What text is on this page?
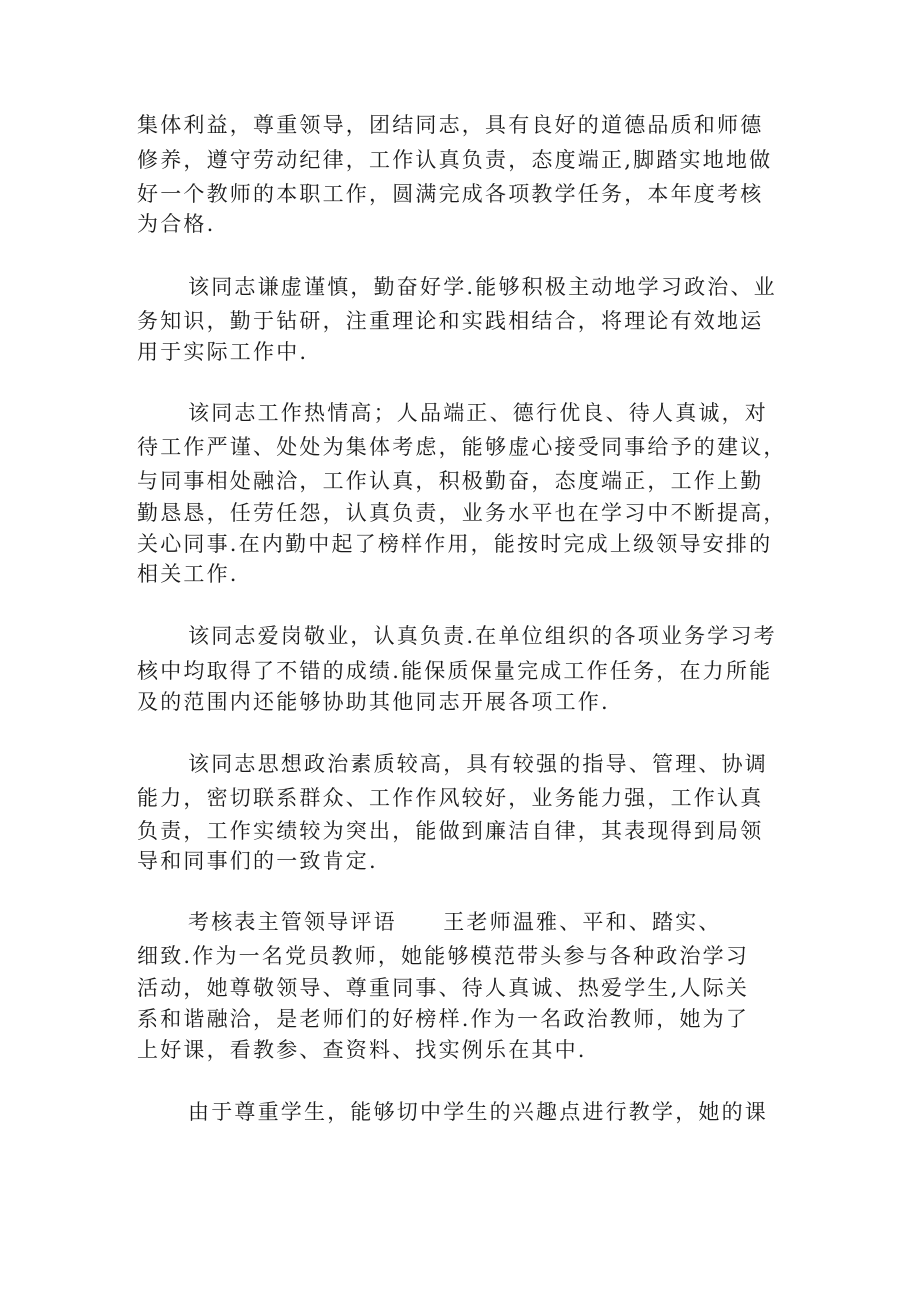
集体利益，尊重领导，团结同志，具有良好的道德品质和师德

修养，遵守劳动纪律，工作认真负责，态度端正,脚踏实地地做

好一个教师的本职工作，圆满完成各项教学任务，本年度考核

为合格.

该同志谦虚谨慎，勤奋好学.能够积极主动地学习政治、业

务知识，勤于钻研，注重理论和实践相结合，将理论有效地运

用于实际工作中.

该同志工作热情高；人品端正、德行优良、待人真诚，对

待工作严谨、处处为集体考虑，能够虚心接受同事给予的建议，

与同事相处融洽，工作认真，积极勤奋，态度端正，工作上勤

勤恳恳，任劳任怨，认真负责，业务水平也在学习中不断提高，

关心同事.在内勤中起了榜样作用，能按时完成上级领导安排的

相关工作.

该同志爱岗敬业，认真负责.在单位组织的各项业务学习考

核中均取得了不错的成绩.能保质保量完成工作任务，在力所能

及的范围内还能够协助其他同志开展各项工作.

该同志思想政治素质较高，具有较强的指导、管理、协调

能力，密切联系群众、工作作风较好，业务能力强，工作认真

负责，工作实绩较为突出，能做到廉洁自律，其表现得到局领

导和同事们的一致肯定.

考核表主管领导评语　　王老师温雅、平和、踏实、

细致.作为一名党员教师，她能够模范带头参与各种政治学习

活动，她尊敬领导、尊重同事、待人真诚、热爱学生,人际关

系和谐融洽，是老师们的好榜样.作为一名政治教师，她为了

上好课，看教参、查资料、找实例乐在其中.

由于尊重学生，能够切中学生的兴趣点进行教学，她的课
